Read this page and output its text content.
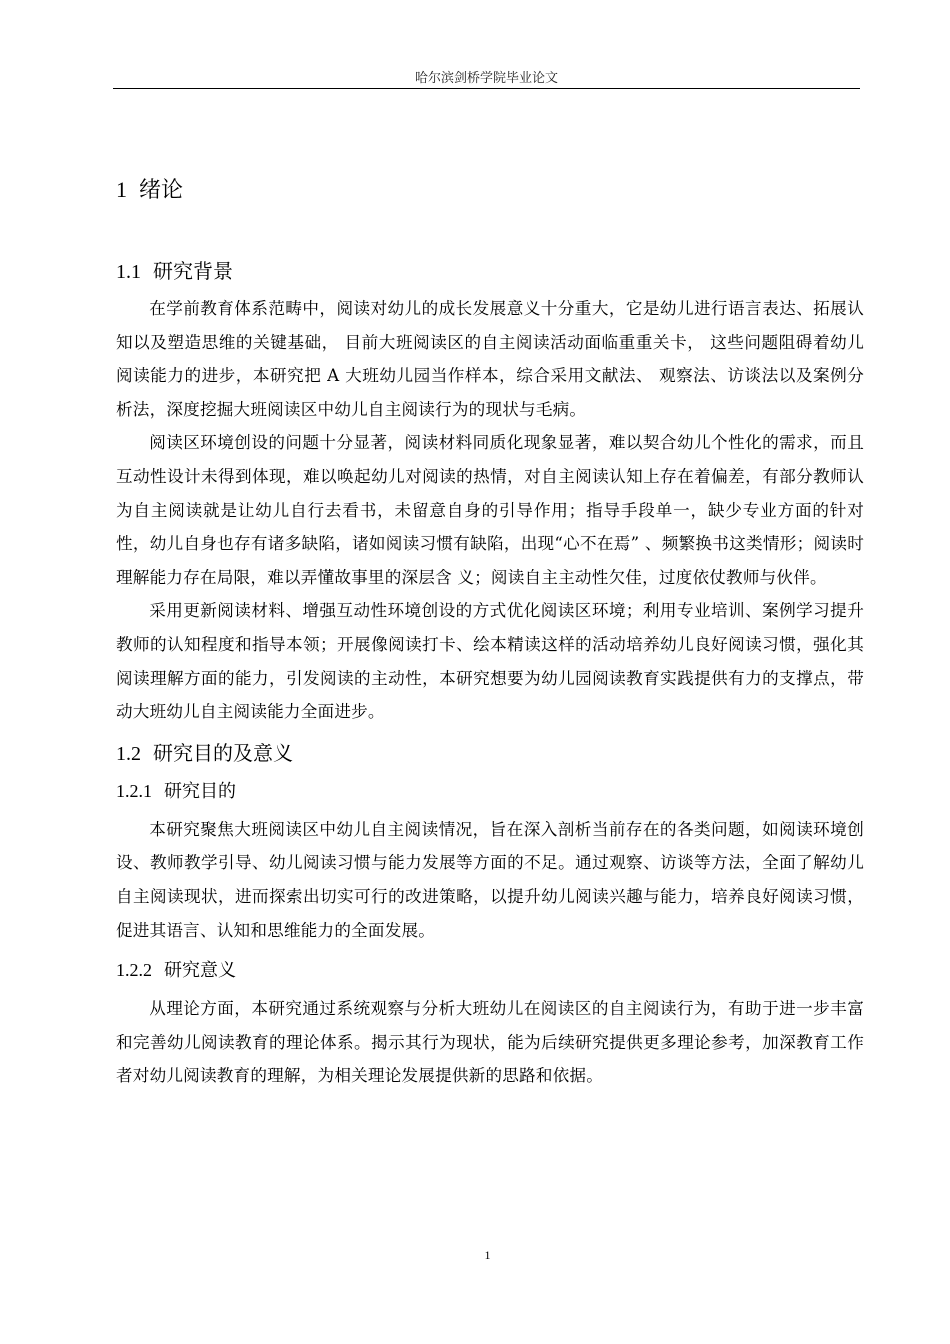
哈尔滨剑桥学院毕业论文
1 绪论
1.1 研究背景

在学前教育体系范畴中，阅读对幼儿的成长发展意义十分重大，它是幼儿进行语言表达、拓展认知以及塑造思维的关键基础， 目前大班阅读区的自主阅读活动面临重重关卡， 这些问题阻碍着幼儿阅读能力的进步，本研究把 A 大班幼儿园当作样本，综合采用文献法、 观察法、访谈法以及案例分析法，深度挖掘大班阅读区中幼儿自主阅读行为的现状与毛病。

阅读区环境创设的问题十分显著，阅读材料同质化现象显著，难以契合幼儿个性化的需求，而且互动性设计未得到体现，难以唤起幼儿对阅读的热情，对自主阅读认知上存在着偏差，有部分教师认为自主阅读就是让幼儿自行去看书，未留意自身的引导作用；指导手段单一，缺少专业方面的针对性，幼儿自身也存有诸多缺陷，诸如阅读习惯有缺陷，出现“心不在焉” 、频繁换书这类情形；阅读时理解能力存在局限，难以弄懂故事里的深层含 义；阅读自主主动性欠佳，过度依仗教师与伙伴。

采用更新阅读材料、增强互动性环境创设的方式优化阅读区环境；利用专业培训、案例学习提升教师的认知程度和指导本领；开展像阅读打卡、绘本精读这样的活动培养幼儿良好阅读习惯，强化其阅读理解方面的能力，引发阅读的主动性，本研究想要为幼儿园阅读教育实践提供有力的支撑点，带动大班幼儿自主阅读能力全面进步。

1.2 研究目的及意义
1.2.1 研究目的

本研究聚焦大班阅读区中幼儿自主阅读情况，旨在深入剖析当前存在的各类问题，如阅读环境创设、教师教学引导、幼儿阅读习惯与能力发展等方面的不足。通过观察、访谈等方法，全面了解幼儿自主阅读现状，进而探索出切实可行的改进策略，以提升幼儿阅读兴趣与能力，培养良好阅读习惯，促进其语言、认知和思维能力的全面发展。

1.2.2 研究意义

从理论方面，本研究通过系统观察与分析大班幼儿在阅读区的自主阅读行为，有助于进一步丰富和完善幼儿阅读教育的理论体系。揭示其行为现状，能为后续研究提供更多理论参考，加深教育工作者对幼儿阅读教育的理解，为相关理论发展提供新的思路和依据。

1
